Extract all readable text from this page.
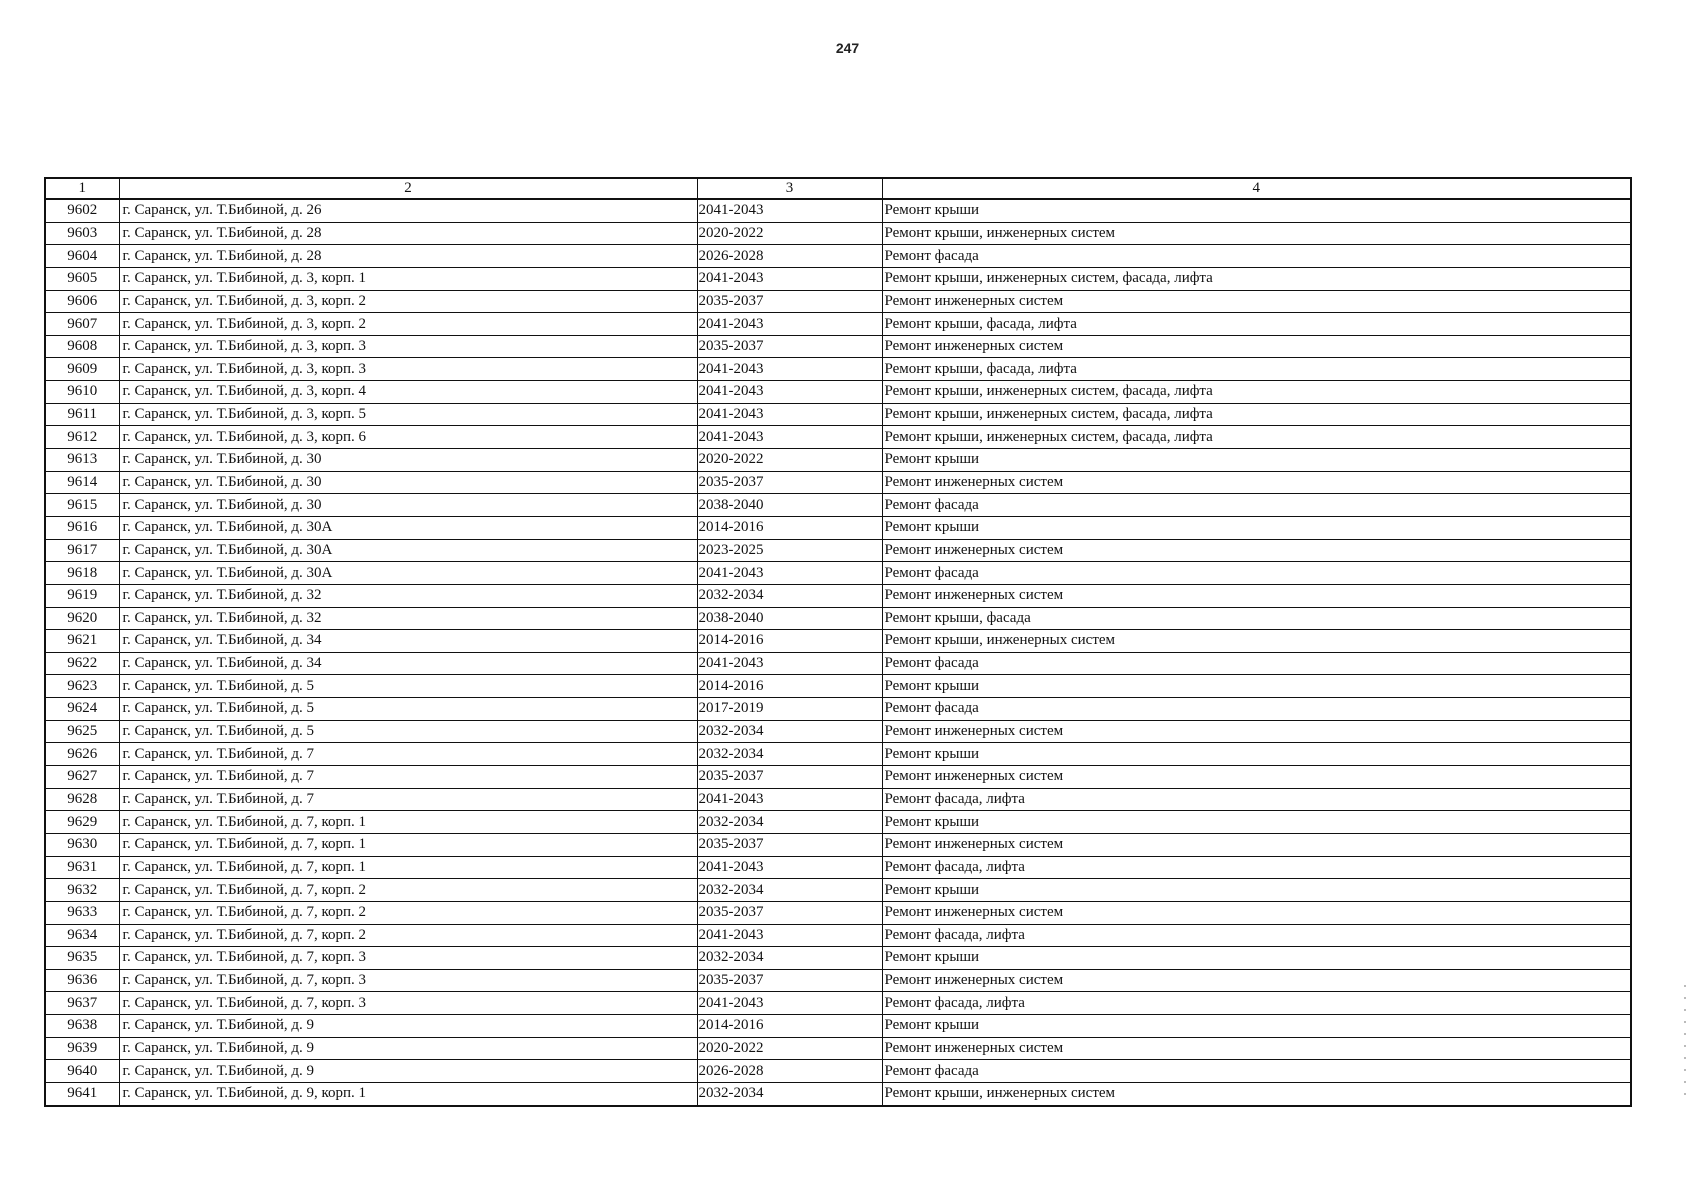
247
1	2	3	4
9602	г. Саранск, ул. Т.Бибиной, д. 26	2041-2043	Ремонт крыши
9603	г. Саранск, ул. Т.Бибиной, д. 28	2020-2022	Ремонт крыши, инженерных систем
9604	г. Саранск, ул. Т.Бибиной, д. 28	2026-2028	Ремонт фасада
9605	г. Саранск, ул. Т.Бибиной, д. 3, корп. 1	2041-2043	Ремонт крыши, инженерных систем, фасада, лифта
9606	г. Саранск, ул. Т.Бибиной, д. 3, корп. 2	2035-2037	Ремонт инженерных систем
9607	г. Саранск, ул. Т.Бибиной, д. 3, корп. 2	2041-2043	Ремонт крыши, фасада, лифта
9608	г. Саранск, ул. Т.Бибиной, д. 3, корп. 3	2035-2037	Ремонт инженерных систем
9609	г. Саранск, ул. Т.Бибиной, д. 3, корп. 3	2041-2043	Ремонт крыши, фасада, лифта
9610	г. Саранск, ул. Т.Бибиной, д. 3, корп. 4	2041-2043	Ремонт крыши, инженерных систем, фасада, лифта
9611	г. Саранск, ул. Т.Бибиной, д. 3, корп. 5	2041-2043	Ремонт крыши, инженерных систем, фасада, лифта
9612	г. Саранск, ул. Т.Бибиной, д. 3, корп. 6	2041-2043	Ремонт крыши, инженерных систем, фасада, лифта
9613	г. Саранск, ул. Т.Бибиной, д. 30	2020-2022	Ремонт крыши
9614	г. Саранск, ул. Т.Бибиной, д. 30	2035-2037	Ремонт инженерных систем
9615	г. Саранск, ул. Т.Бибиной, д. 30	2038-2040	Ремонт фасада
9616	г. Саранск, ул. Т.Бибиной, д. 30А	2014-2016	Ремонт крыши
9617	г. Саранск, ул. Т.Бибиной, д. 30А	2023-2025	Ремонт инженерных систем
9618	г. Саранск, ул. Т.Бибиной, д. 30А	2041-2043	Ремонт фасада
9619	г. Саранск, ул. Т.Бибиной, д. 32	2032-2034	Ремонт инженерных систем
9620	г. Саранск, ул. Т.Бибиной, д. 32	2038-2040	Ремонт крыши, фасада
9621	г. Саранск, ул. Т.Бибиной, д. 34	2014-2016	Ремонт крыши, инженерных систем
9622	г. Саранск, ул. Т.Бибиной, д. 34	2041-2043	Ремонт фасада
9623	г. Саранск, ул. Т.Бибиной, д. 5	2014-2016	Ремонт крыши
9624	г. Саранск, ул. Т.Бибиной, д. 5	2017-2019	Ремонт фасада
9625	г. Саранск, ул. Т.Бибиной, д. 5	2032-2034	Ремонт инженерных систем
9626	г. Саранск, ул. Т.Бибиной, д. 7	2032-2034	Ремонт крыши
9627	г. Саранск, ул. Т.Бибиной, д. 7	2035-2037	Ремонт инженерных систем
9628	г. Саранск, ул. Т.Бибиной, д. 7	2041-2043	Ремонт фасада, лифта
9629	г. Саранск, ул. Т.Бибиной, д. 7, корп. 1	2032-2034	Ремонт крыши
9630	г. Саранск, ул. Т.Бибиной, д. 7, корп. 1	2035-2037	Ремонт инженерных систем
9631	г. Саранск, ул. Т.Бибиной, д. 7, корп. 1	2041-2043	Ремонт фасада, лифта
9632	г. Саранск, ул. Т.Бибиной, д. 7, корп. 2	2032-2034	Ремонт крыши
9633	г. Саранск, ул. Т.Бибиной, д. 7, корп. 2	2035-2037	Ремонт инженерных систем
9634	г. Саранск, ул. Т.Бибиной, д. 7, корп. 2	2041-2043	Ремонт фасада, лифта
9635	г. Саранск, ул. Т.Бибиной, д. 7, корп. 3	2032-2034	Ремонт крыши
9636	г. Саранск, ул. Т.Бибиной, д. 7, корп. 3	2035-2037	Ремонт инженерных систем
9637	г. Саранск, ул. Т.Бибиной, д. 7, корп. 3	2041-2043	Ремонт фасада, лифта
9638	г. Саранск, ул. Т.Бибиной, д. 9	2014-2016	Ремонт крыши
9639	г. Саранск, ул. Т.Бибиной, д. 9	2020-2022	Ремонт инженерных систем
9640	г. Саранск, ул. Т.Бибиной, д. 9	2026-2028	Ремонт фасада
9641	г. Саранск, ул. Т.Бибиной, д. 9, корп. 1	2032-2034	Ремонт крыши, инженерных систем
